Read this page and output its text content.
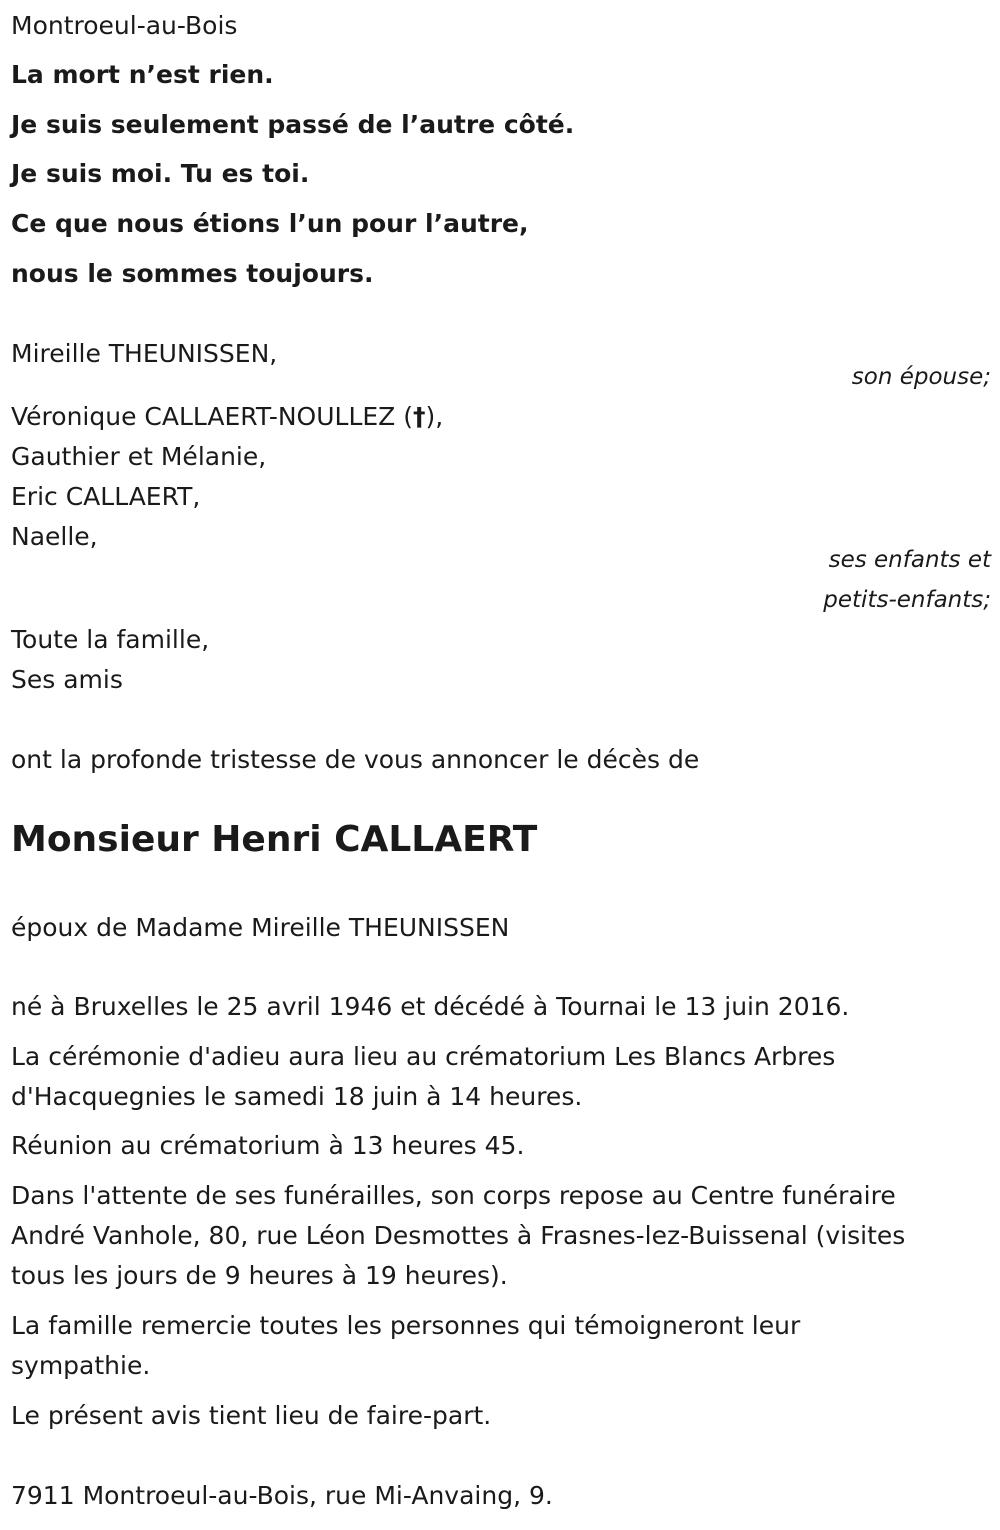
Montroeul-au-Bois
La mort n’est rien.
Je suis seulement passé de l’autre côté.
Je suis moi. Tu es toi.
Ce que nous étions l’un pour l’autre,
nous le sommes toujours.
Mireille THEUNISSEN,
son épouse;
Véronique CALLAERT-NOULLEZ (†),
Gauthier et Mélanie,
Eric CALLAERT,
Naelle,
ses enfants et
petits-enfants;
Toute la famille,
Ses amis
ont la profonde tristesse de vous annoncer le décès de
Monsieur Henri CALLAERT
époux de Madame Mireille THEUNISSEN
né à Bruxelles le 25 avril 1946 et décédé à Tournai le 13 juin 2016.
La cérémonie d'adieu aura lieu au crématorium Les Blancs Arbres
d'Hacquegnies le samedi 18 juin à 14 heures.
Réunion au crématorium à 13 heures 45.
Dans l'attente de ses funérailles, son corps repose au Centre funéraire
André Vanhole, 80, rue Léon Desmottes à Frasnes-lez-Buissenal (visites
tous les jours de 9 heures à 19 heures).
La famille remercie toutes les personnes qui témoigneront leur
sympathie.
Le présent avis tient lieu de faire-part.
7911 Montroeul-au-Bois, rue Mi-Anvaing, 9.
